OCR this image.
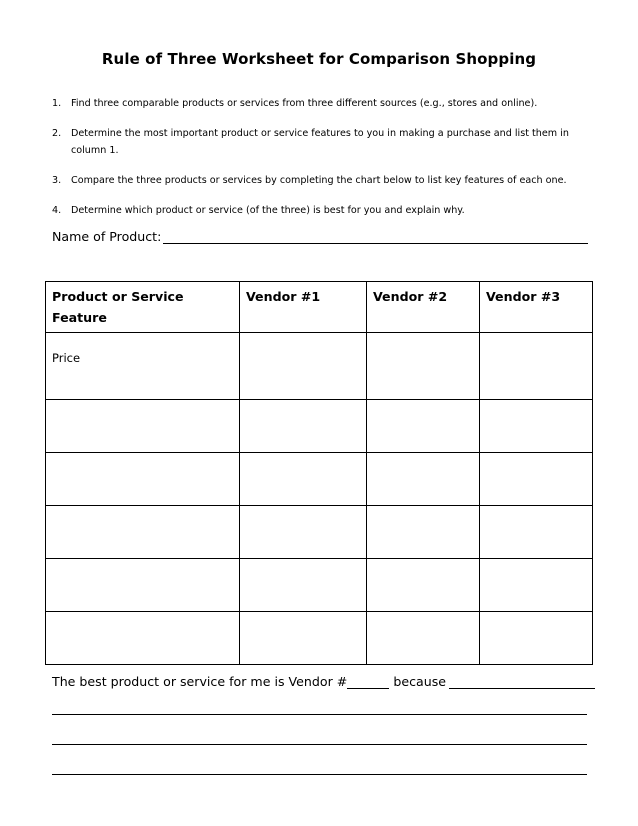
Rule of Three Worksheet for Comparison Shopping
1. Find three comparable products or services from three different sources (e.g., stores and online).
2. Determine the most important product or service features to you in making a purchase and list them in column 1.
3. Compare the three products or services by completing the chart below to list key features of each one.
4. Determine which product or service (of the three) is best for you and explain why.
Name of Product:
Product or Service Feature	Vendor #1	Vendor #2	Vendor #3
Price			

The best product or service for me is Vendor #	because
